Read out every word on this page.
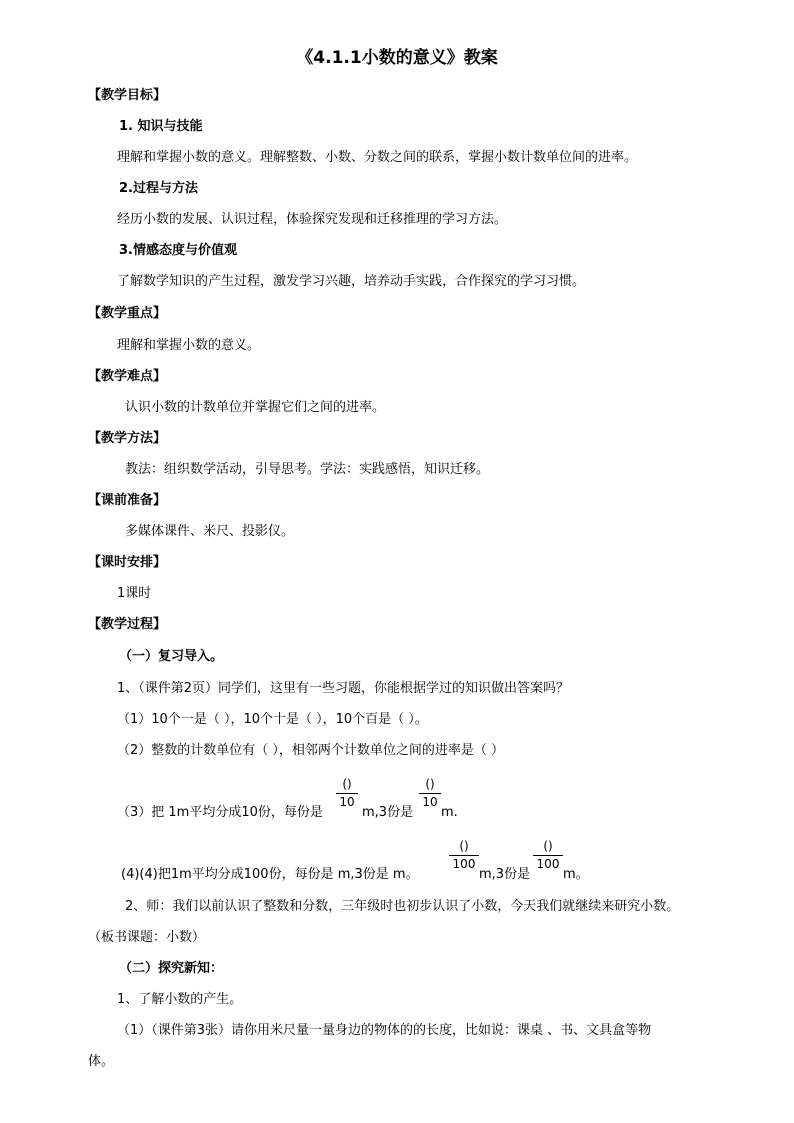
《4.1.1小数的意义》教案
【教学目标】
1. 知识与技能
理解和掌握小数的意义。理解整数、小数、分数之间的联系，掌握小数计数单位间的进率。
2.过程与方法
经历小数的发展、认识过程，体验探究发现和迁移推理的学习方法。
3.情感态度与价值观
了解数学知识的产生过程，激发学习兴趣，培养动手实践，合作探究的学习习惯。
【教学重点】
理解和掌握小数的意义。
【教学难点】
认识小数的计数单位并掌握它们之间的进率。
【教学方法】
教法：组织数学活动，引导思考。学法：实践感悟，知识迁移。
【课前准备】
多媒体课件、米尺、投影仪。
【课时安排】
1课时
【教学过程】
（一）复习导入。
1、（课件第2页）同学们，这里有一些习题，你能根据学过的知识做出答案吗？
（1）10个一是（ ），10个十是（ ），10个百是（ ）。
（2）整数的计数单位有（ ），相邻两个计数单位之间的进率是（ ）
（3）把 1m平均分成10份，每份是
()
10
m,3份是
()
10
m.
(4)(4)把1m平均分成100份，每份是 m,3份是 m。
()
100
m,3份是
()
100
m。
2、师：我们以前认识了整数和分数，三年级时也初步认识了小数，今天我们就继续来研究小数。
（板书课题：小数）
（二）探究新知：
1、了解小数的产生。
（1）（课件第3张）请你用米尺量一量身边的物体的的长度，比如说：课桌 、书、文具盒等物
体。
